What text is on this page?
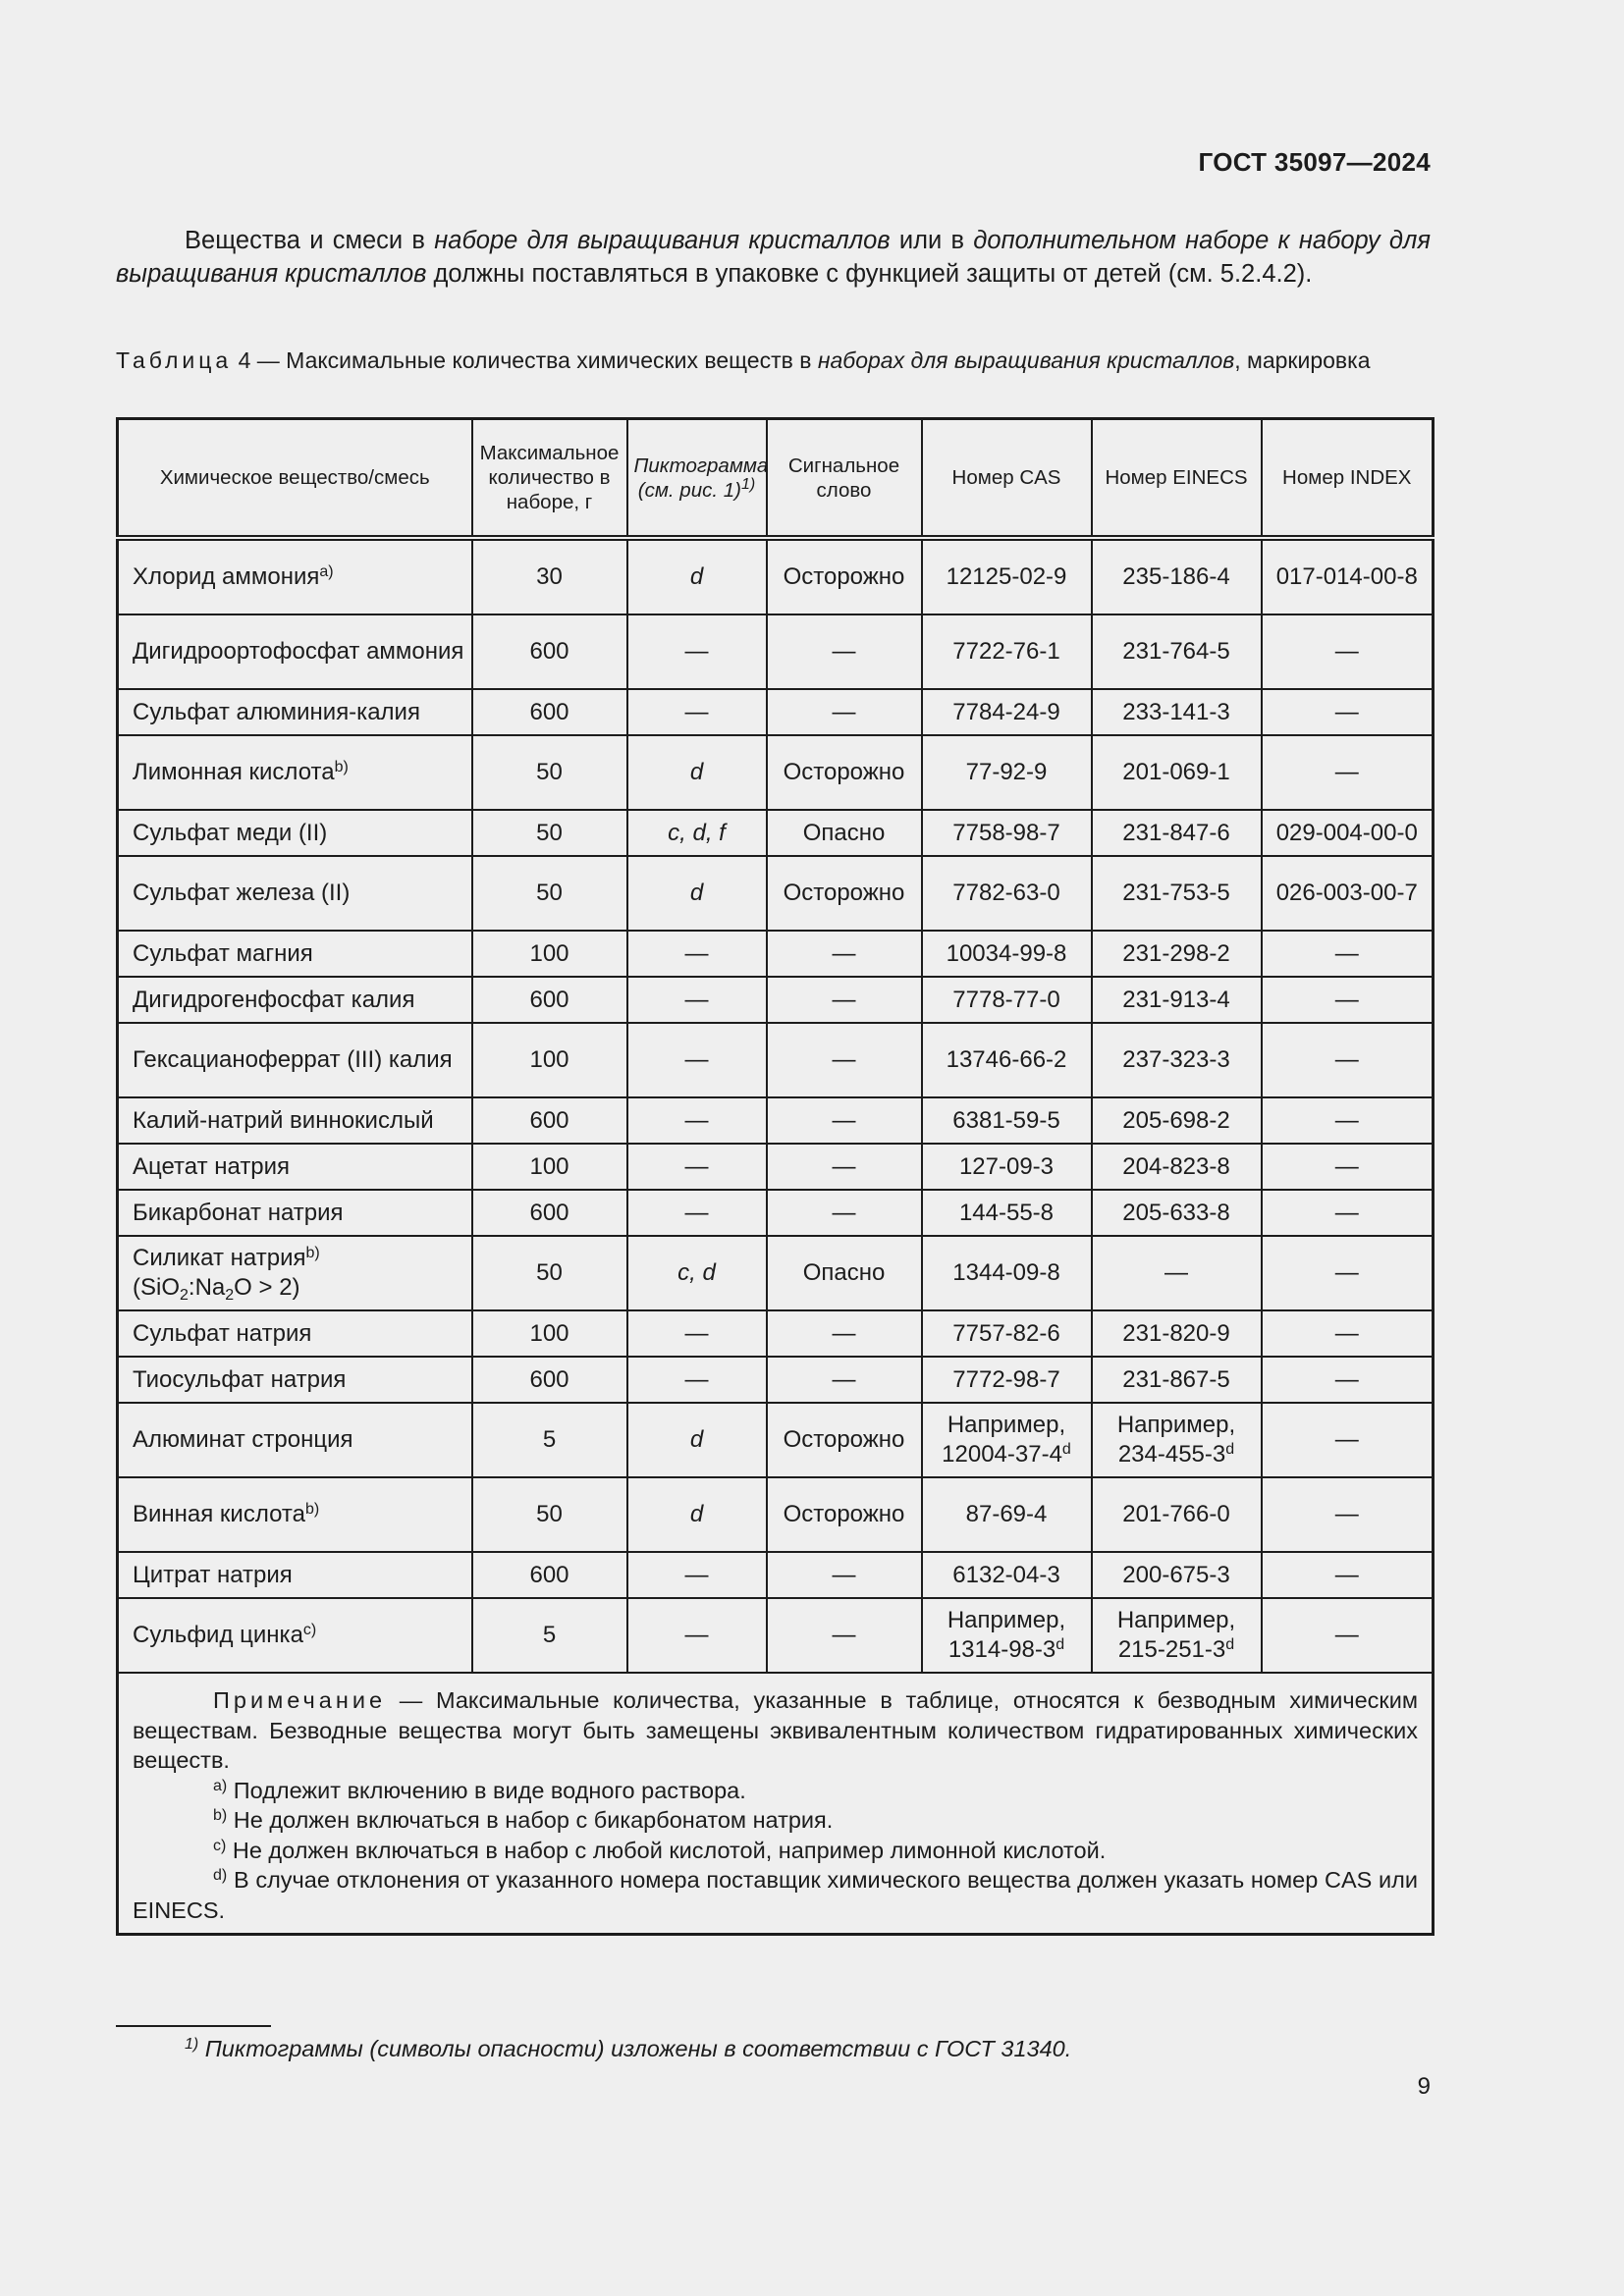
ГОСТ 35097—2024

Вещества и смеси в наборе для выращивания кристаллов или в дополнительном наборе к набору для выращивания кристаллов должны поставляться в упаковке с функцией защиты от детей (см. 5.2.4.2).

Таблица 4 — Максимальные количества химических веществ в наборах для выращивания кристаллов, маркировка
Химическое вещество/смесь	Максимальное количество в наборе, г	Пиктограмма (см. рис. 1)$^{1)}$	Сигнальное слово	Номер CAS	Номер EINECS	Номер INDEX
Хлорид аммония$^{a)}$	30	d	Осторожно	12125-02-9	235-186-4	017-014-00-8
Дигидроортофосфат аммония	600	—	—	7722-76-1	231-764-5	—
Сульфат алюминия-калия	600	—	—	7784-24-9	233-141-3	—
Лимонная кислота$^{b)}$	50	d	Осторожно	77-92-9	201-069-1	—
Сульфат меди (II)	50	c, d, f	Опасно	7758-98-7	231-847-6	029-004-00-0
Сульфат железа (II)	50	d	Осторожно	7782-63-0	231-753-5	026-003-00-7
Сульфат магния	100	—	—	10034-99-8	231-298-2	—
Дигидрогенфосфат калия	600	—	—	7778-77-0	231-913-4	—
Гексацианоферрат (III) калия	100	—	—	13746-66-2	237-323-3	—
Калий-натрий виннокислый	600	—	—	6381-59-5	205-698-2	—
Ацетат натрия	100	—	—	127-09-3	204-823-8	—
Бикарбонат натрия	600	—	—	144-55-8	205-633-8	—
Силикат натрия$^{b)}$
$(SiO_2:Na_2O > 2)$	50	c, d	Опасно	1344-09-8	—	—
Сульфат натрия	100	—	—	7757-82-6	231-820-9	—
Тиосульфат натрия	600	—	—	7772-98-7	231-867-5	—
Алюминат стронция	5	d	Осторожно	Например, 12004-37-4$^d$	Например, 234-455-3$^d$	—
Винная кислота$^{b)}$	50	d	Осторожно	87-69-4	201-766-0	—
Цитрат натрия	600	—	—	6132-04-3	200-675-3	—
Сульфид цинка$^{c)}$	5	—	—	Например, 1314-98-3$^d$	Например, 215-251-3$^d$	—

Примечание — Максимальные количества, указанные в таблице, относятся к безводным химическим веществам. Безводные вещества могут быть замещены эквивалентным количеством гидратированных химических веществ.

$^{a)}$ Подлежит включению в виде водного раствора.

$^{b)}$ Не должен включаться в набор с бикарбонатом натрия.

$^{c)}$ Не должен включаться в набор с любой кислотой, например лимонной кислотой.

$^{d)}$ В случае отклонения от указанного номера поставщик химического вещества должен указать номер CAS или EINECS.						

$^{1)}$ Пиктограммы (символы опасности) изложены в соответствии с ГОСТ 31340.
9
